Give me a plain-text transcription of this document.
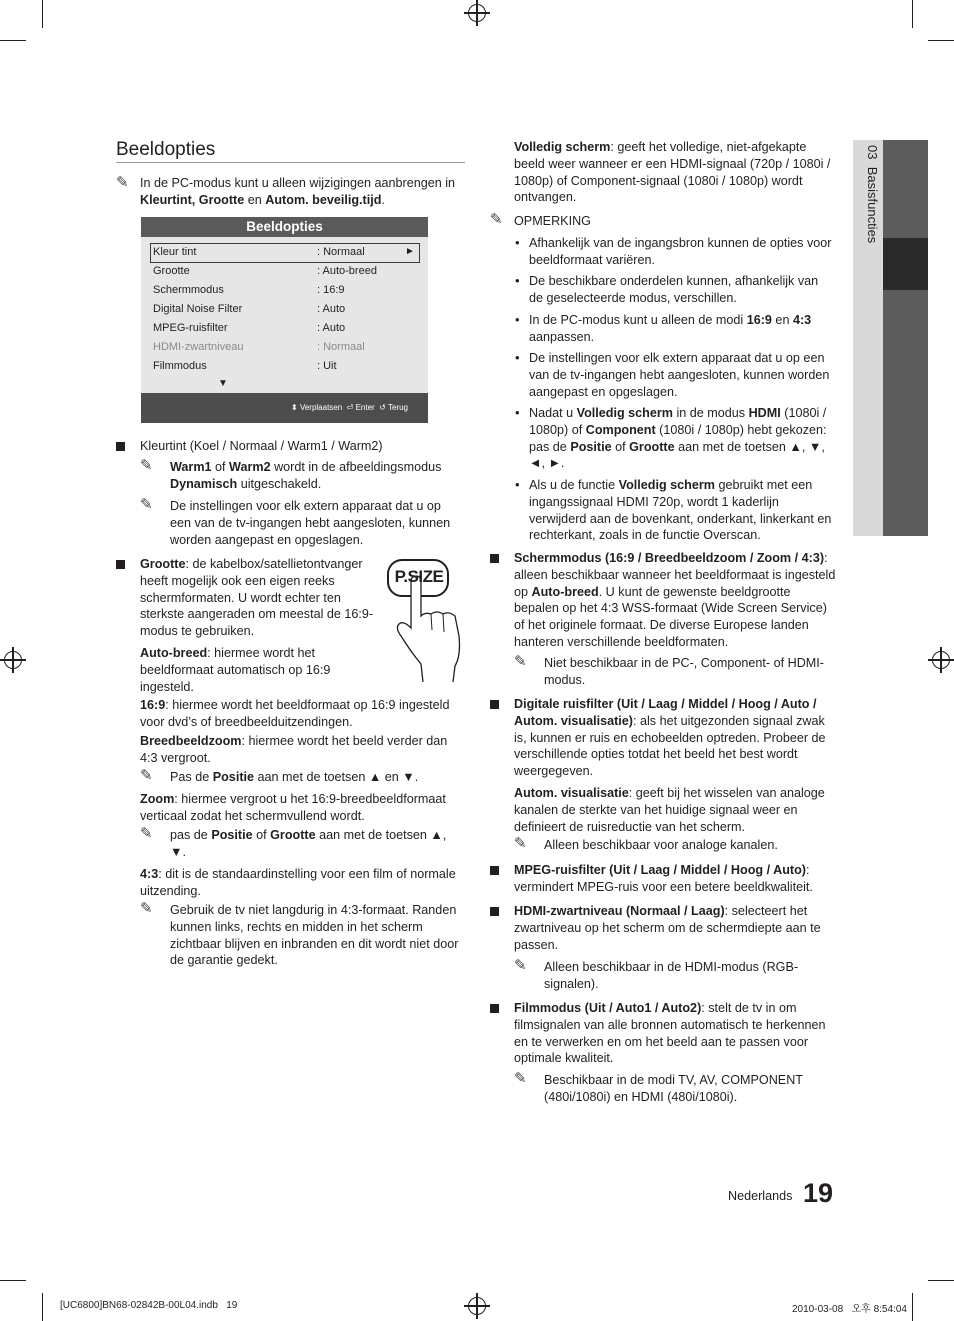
03  Basisfuncties
Beeldopties
✎ In de PC-modus kunt u alleen wijzigingen aanbrengen in Kleurtint, Grootte en Autom. beveilig.tijd.

Beeldopties
Kleur tint	: Normaal	►
Grootte	: Auto-breed
Schermmodus	: 16:9
Digital Noise Filter	: Auto
MPEG-ruisfilter	: Auto
HDMI-zwartniveau	: Normaal
Filmmodus	: Uit
▼
⬍ Verplaatsen ⏎ Enter ↺ Terug

Kleurtint (Koel / Normaal / Warm1 / Warm2)

✎ Warm1 of Warm2 wordt in de afbeeldingsmodus Dynamisch uitgeschakeld.

✎ De instellingen voor elk extern apparaat dat u op een van de tv-ingangen hebt aangesloten, kunnen worden aangepast en opgeslagen.

Grootte: de kabelbox/satellietontvanger heeft mogelijk ook een eigen reeks schermformaten. U wordt echter ten sterkste aangeraden om meestal de 16:9-modus te gebruiken.

P.SIZE

Auto-breed: hiermee wordt het beeldformaat automatisch op 16:9 ingesteld.

16:9: hiermee wordt het beeldformaat op 16:9 ingesteld voor dvd’s of breedbeelduitzendingen.

Breedbeeldzoom: hiermee wordt het beeld verder dan 4:3 vergroot.

✎ Pas de Positie aan met de toetsen ▲ en ▼.

Zoom: hiermee vergroot u het 16:9-breedbeeldformaat verticaal zodat het schermvullend wordt.

✎ pas de Positie of Grootte aan met de toetsen ▲, ▼.

4:3: dit is de standaardinstelling voor een film of normale uitzending.

✎ Gebruik de tv niet langdurig in 4:3-formaat. Randen kunnen links, rechts en midden in het scherm zichtbaar blijven en inbranden en dit wordt niet door de garantie gedekt.

Volledig scherm: geeft het volledige, niet-afgekapte beeld weer wanneer er een HDMI-signaal (720p / 1080i / 1080p) of Component-signaal (1080i / 1080p) wordt ontvangen.

✎ OPMERKING

• Afhankelijk van de ingangsbron kunnen de opties voor beeldformaat variëren.

• De beschikbare onderdelen kunnen, afhankelijk van de geselecteerde modus, verschillen.

• In de PC-modus kunt u alleen de modi 16:9 en 4:3 aanpassen.

• De instellingen voor elk extern apparaat dat u op een van de tv-ingangen hebt aangesloten, kunnen worden aangepast en opgeslagen.

• Nadat u Volledig scherm in de modus HDMI (1080i / 1080p) of Component (1080i / 1080p) hebt gekozen: pas de Positie of Grootte aan met de toetsen ▲, ▼, ◄, ►.

• Als u de functie Volledig scherm gebruikt met een ingangssignaal HDMI 720p, wordt 1 kaderlijn verwijderd aan de bovenkant, onderkant, linkerkant en rechterkant, zoals in de functie Overscan.

Schermmodus (16:9 / Breedbeeldzoom / Zoom / 4:3): alleen beschikbaar wanneer het beeldformaat is ingesteld op Auto-breed. U kunt de gewenste beeldgrootte bepalen op het 4:3 WSS-formaat (Wide Screen Service) of het originele formaat. De diverse Europese landen hanteren verschillende beeldformaten.

✎ Niet beschikbaar in de PC-, Component- of HDMI-modus.

Digitale ruisfilter (Uit / Laag / Middel / Hoog / Auto / Autom. visualisatie): als het uitgezonden signaal zwak is, kunnen er ruis en echobeelden optreden. Probeer de verschillende opties totdat het beeld het best wordt weergegeven.

Autom. visualisatie: geeft bij het wisselen van analoge kanalen de sterkte van het huidige signaal weer en definieert de ruisreductie van het scherm.

✎ Alleen beschikbaar voor analoge kanalen.

MPEG-ruisfilter (Uit / Laag / Middel / Hoog / Auto): vermindert MPEG-ruis voor een betere beeldkwaliteit.

HDMI-zwartniveau (Normaal / Laag): selecteert het zwartniveau op het scherm om de schermdiepte aan te passen.

✎ Alleen beschikbaar in de HDMI-modus (RGB-signalen).

Filmmodus (Uit / Auto1 / Auto2): stelt de tv in om filmsignalen van alle bronnen automatisch te herkennen en te verwerken en om het beeld aan te passen voor optimale kwaliteit.

✎ Beschikbaar in de modi TV, AV, COMPONENT (480i/1080i) en HDMI (480i/1080i).

Nederlands 19
[UC6800]BN68-02842B-00L04.indb   19	2010-03-08   오후 8:54:04
